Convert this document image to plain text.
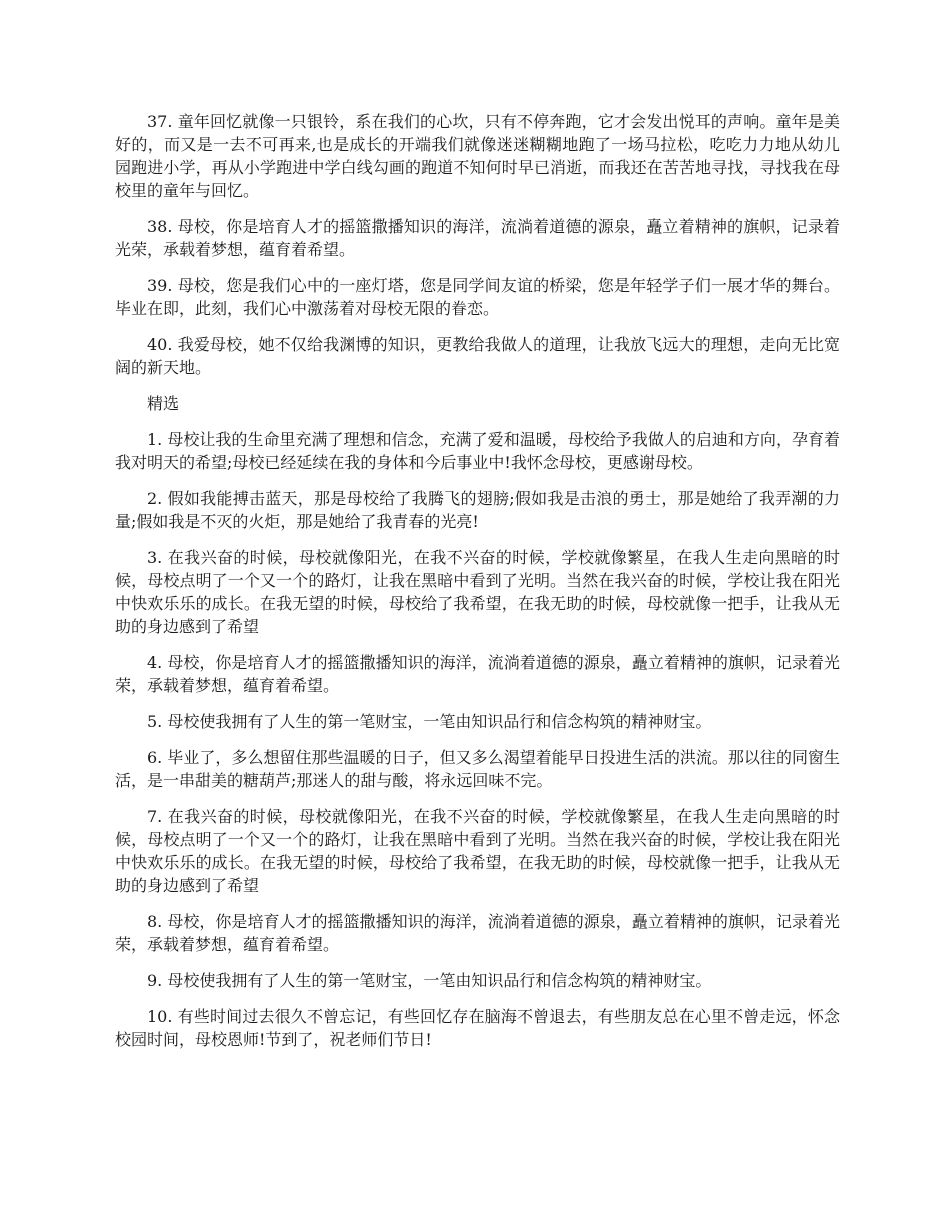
37. 童年回忆就像一只银铃，系在我们的心坎，只有不停奔跑，它才会发出悦耳的声响。童年是美好的，而又是一去不可再来,也是成长的开端我们就像迷迷糊糊地跑了一场马拉松，吃吃力力地从幼儿园跑进小学，再从小学跑进中学白线勾画的跑道不知何时早已消逝，而我还在苦苦地寻找，寻找我在母校里的童年与回忆。

38. 母校，你是培育人才的摇篮撒播知识的海洋，流淌着道德的源泉，矗立着精神的旗帜，记录着光荣，承载着梦想，蕴育着希望。

39. 母校，您是我们心中的一座灯塔，您是同学间友谊的桥梁，您是年轻学子们一展才华的舞台。毕业在即，此刻，我们心中激荡着对母校无限的眷恋。

40. 我爱母校，她不仅给我渊博的知识，更教给我做人的道理，让我放飞远大的理想，走向无比宽阔的新天地。

精选

1. 母校让我的生命里充满了理想和信念，充满了爱和温暖，母校给予我做人的启迪和方向，孕育着我对明天的希望;母校已经延续在我的身体和今后事业中!我怀念母校，更感谢母校。

2. 假如我能搏击蓝天，那是母校给了我腾飞的翅膀;假如我是击浪的勇士，那是她给了我弄潮的力量;假如我是不灭的火炬，那是她给了我青春的光亮!

3. 在我兴奋的时候，母校就像阳光，在我不兴奋的时候，学校就像繁星，在我人生走向黑暗的时候，母校点明了一个又一个的路灯，让我在黑暗中看到了光明。当然在我兴奋的时候，学校让我在阳光中快欢乐乐的成长。在我无望的时候，母校给了我希望，在我无助的时候，母校就像一把手，让我从无助的身边感到了希望

4. 母校，你是培育人才的摇篮撒播知识的海洋，流淌着道德的源泉，矗立着精神的旗帜，记录着光荣，承载着梦想，蕴育着希望。

5. 母校使我拥有了人生的第一笔财宝，一笔由知识品行和信念构筑的精神财宝。

6. 毕业了，多么想留住那些温暖的日子，但又多么渴望着能早日投进生活的洪流。那以往的同窗生活，是一串甜美的糖葫芦;那迷人的甜与酸，将永远回味不完。

7. 在我兴奋的时候，母校就像阳光，在我不兴奋的时候，学校就像繁星，在我人生走向黑暗的时候，母校点明了一个又一个的路灯，让我在黑暗中看到了光明。当然在我兴奋的时候，学校让我在阳光中快欢乐乐的成长。在我无望的时候，母校给了我希望，在我无助的时候，母校就像一把手，让我从无助的身边感到了希望

8. 母校，你是培育人才的摇篮撒播知识的海洋，流淌着道德的源泉，矗立着精神的旗帜，记录着光荣，承载着梦想，蕴育着希望。

9. 母校使我拥有了人生的第一笔财宝，一笔由知识品行和信念构筑的精神财宝。

10. 有些时间过去很久不曾忘记，有些回忆存在脑海不曾退去，有些朋友总在心里不曾走远，怀念校园时间，母校恩师!节到了，祝老师们节日!
